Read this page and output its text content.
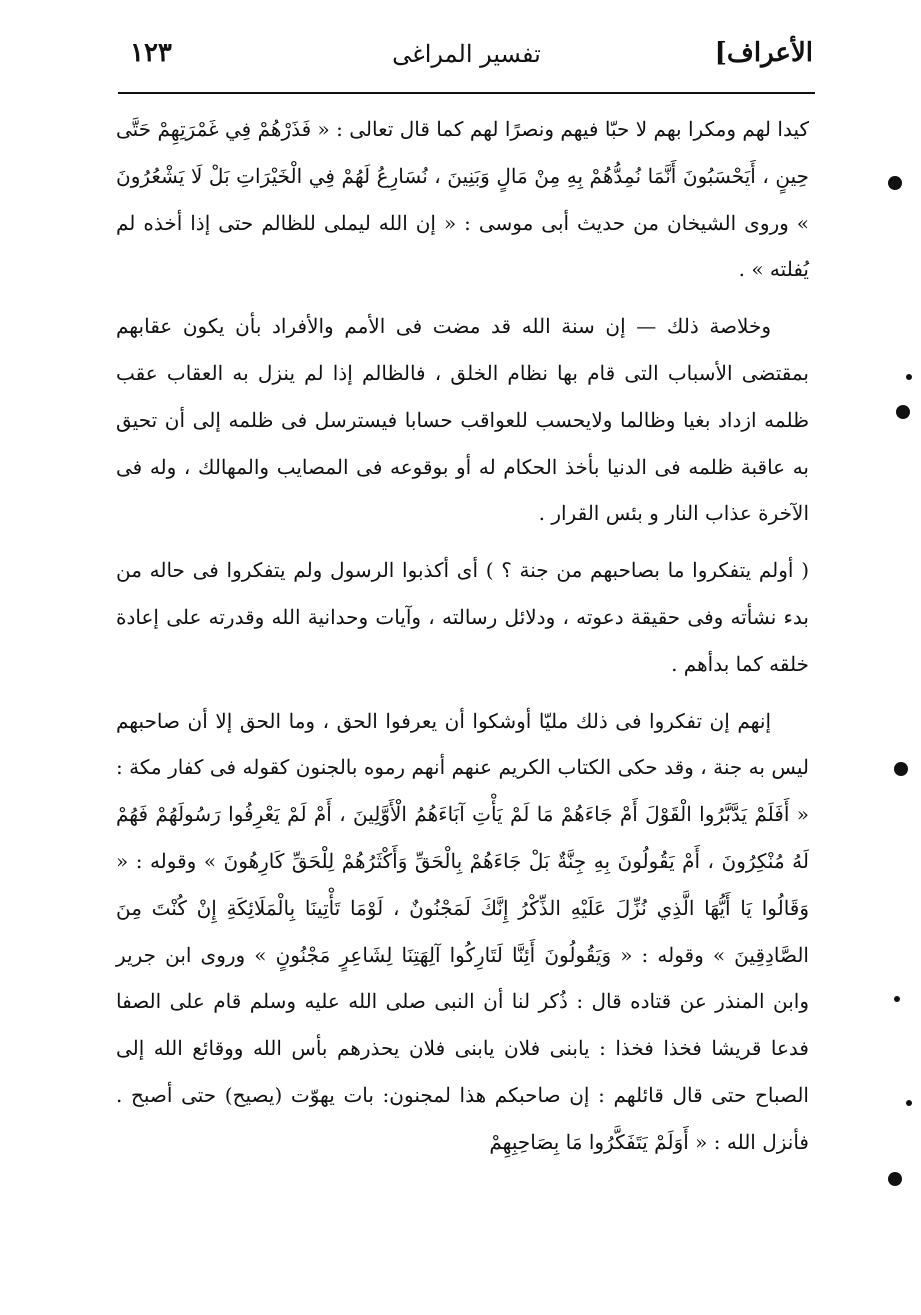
الأعراف]
تفسير المراغى
١٢٣

كيدا لهم ومكرا بهم لا حبّا فيهم ونصرًا لهم كما قال تعالى : « فَذَرْهُمْ فِي غَمْرَتِهِمْ حَتَّى حِينٍ ، أَيَحْسَبُونَ أَنَّمَا نُمِدُّهُمْ بِهِ مِنْ مَالٍ وَبَنِينَ ، نُسَارِعُ لَهُمْ فِي الْخَيْرَاتِ بَلْ لَا يَشْعُرُونَ » وروى الشيخان من حديث أبى موسى : « إن الله ليملى للظالم حتى إذا أخذه لم يُفلته » .

وخلاصة ذلك — إن سنة الله قد مضت فى الأمم والأفراد بأن يكون عقابهم بمقتضى الأسباب التى قام بها نظام الخلق ، فالظالم إذا لم ينزل به العقاب عقب ظلمه ازداد بغيا وظالما ولايحسب للعواقب حسابا فيسترسل فى ظلمه إلى أن تحيق به عاقبة ظلمه فى الدنيا بأخذ الحكام له أو بوقوعه فى المصايب والمهالك ، وله فى الآخرة عذاب النار و بئس القرار .

( أولم يتفكروا ما بصاحبهم من جنة ؟ ) أى أكذبوا الرسول ولم يتفكروا فى حاله من بدء نشأته وفى حقيقة دعوته ، ودلائل رسالته ، وآيات وحدانية الله وقدرته على إعادة خلقه كما بدأهم .

إنهم إن تفكروا فى ذلك مليّا أوشكوا أن يعرفوا الحق ، وما الحق إلا أن صاحبهم ليس به جنة ، وقد حكى الكتاب الكريم عنهم أنهم رموه بالجنون كقوله فى كفار مكة : « أَفَلَمْ يَدَّبَّرُوا الْقَوْلَ أَمْ جَاءَهُمْ مَا لَمْ يَأْتِ آبَاءَهُمُ الْأَوَّلِينَ ، أَمْ لَمْ يَعْرِفُوا رَسُولَهُمْ فَهُمْ لَهُ مُنْكِرُونَ ، أَمْ يَقُولُونَ بِهِ جِنَّةٌ بَلْ جَاءَهُمْ بِالْحَقِّ وَأَكْثَرُهُمْ لِلْحَقِّ كَارِهُونَ » وقوله : « وَقَالُوا يَا أَيُّهَا الَّذِي نُزِّلَ عَلَيْهِ الذِّكْرُ إِنَّكَ لَمَجْنُونٌ ، لَوْمَا تَأْتِينَا بِالْمَلَائِكَةِ إِنْ كُنْتَ مِنَ الصَّادِقِينَ » وقوله : « وَيَقُولُونَ أَئِنَّا لَتَارِكُوا آلِهَتِنَا لِشَاعِرٍ مَجْنُونٍ » وروى ابن جرير وابن المنذر عن قتاده قال : ذُكر لنا أن النبى صلى الله عليه وسلم قام على الصفا فدعا قريشا فخذا فخذا : يابنى فلان يابنى فلان يحذرهم بأس الله ووقائع الله إلى الصباح حتى قال قائلهم : إن صاحبكم هذا لمجنون: بات يهوّت (يصيح) حتى أصبح . فأنزل الله : « أَوَلَمْ يَتَفَكَّرُوا مَا بِصَاحِبِهِمْ
